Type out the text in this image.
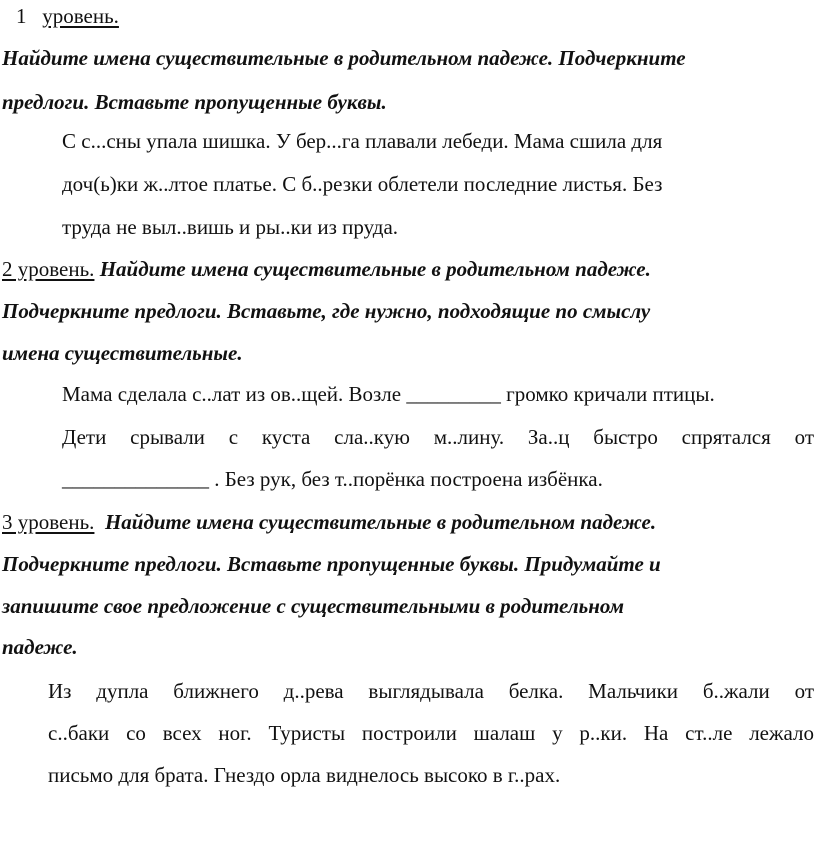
1 уровень.
Найдите имена существительные в родительном падеже. Подчеркните
предлоги. Вставьте пропущенные буквы.
С с...сны упала шишка. У бер...га плавали лебеди. Мама сшила для
доч(ь)ки ж..лтое платье. С б..резки облетели последние листья. Без
труда не выл..вишь и ры..ки из пруда.
2 уровень. Найдите имена существительные в родительном падеже.
Подчеркните предлоги. Вставьте, где нужно, подходящие по смыслу
имена существительные.
Мама сделала с..лат из ов..щей. Возле _________ громко кричали птицы.
Дети срывали с куста сла..кую м..лину. За..ц быстро спрятался от
______________ . Без рук, без т..порёнка построена избёнка.
3 уровень. Найдите имена существительные в родительном падеже.
Подчеркните предлоги. Вставьте пропущенные буквы. Придумайте и
запишите свое предложение с существительными в родительном
падеже.
Из дупла ближнего д..рева выглядывала белка. Мальчики б..жали от
с..баки со всех ног. Туристы построили шалаш у р..ки. На ст..ле лежало
письмо для брата. Гнездо орла виднелось высоко в г..рах.
